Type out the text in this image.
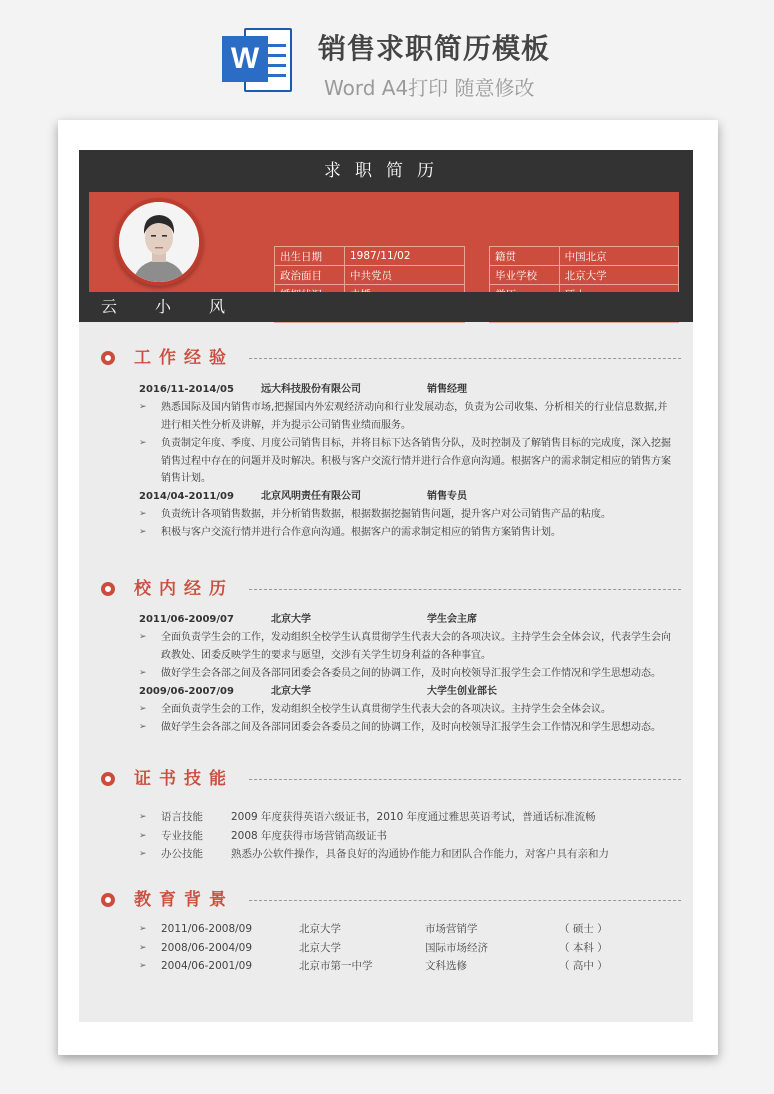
W	销售求职简历模板
Word A4打印 随意修改
求职简历
出生日期	1987/11/02
政治面目	中共党员

籍贯	中国北京
毕业学校	北京大学

云小风
工作经验
2016/11-2014/05	远大科技股份有限公司	销售经理
➢ 熟悉国际及国内销售市场,把握国内外宏观经济动向和行业发展动态，负责为公司收集、分析相关的行业信息数据,并进行相关性分析及讲解，并为提示公司销售业绩而服务。
➢ 负责制定年度、季度、月度公司销售目标，并将目标下达各销售分队，及时控制及了解销售目标的完成度，深入挖掘销售过程中存在的问题并及时解决。积极与客户交流行情并进行合作意向沟通。根据客户的需求制定相应的销售方案销售计划。
2014/04-2011/09	北京风明责任有限公司	销售专员
➢ 负责统计各项销售数据，并分析销售数据，根据数据挖掘销售问题，提升客户对公司销售产品的粘度。
➢ 积极与客户交流行情并进行合作意向沟通。根据客户的需求制定相应的销售方案销售计划。
校内经历
2011/06-2009/07	北京大学	学生会主席
➢ 全面负责学生会的工作，发动组织全校学生认真贯彻学生代表大会的各项决议。主持学生会全体会议，代表学生会向政教处、团委反映学生的要求与愿望，交涉有关学生切身利益的各种事宜。
➢ 做好学生会各部之间及各部同团委会各委员之间的协调工作，及时向校领导汇报学生会工作情况和学生思想动态。
2009/06-2007/09	北京大学	大学生创业部长
➢ 全面负责学生会的工作，发动组织全校学生认真贯彻学生代表大会的各项决议。主持学生会全体会议。
➢ 做好学生会各部之间及各部同团委会各委员之间的协调工作，及时向校领导汇报学生会工作情况和学生思想动态。
证书技能
➢ 语言技能	2009 年度获得英语六级证书，2010 年度通过雅思英语考试，普通话标准流畅
➢ 专业技能	2008 年度获得市场营销高级证书
➢ 办公技能	熟悉办公软件操作，具备良好的沟通协作能力和团队合作能力，对客户具有亲和力
教育背景
➢ 2011/06-2008/09	北京大学	市场营销学	（ 硕士 ）
➢ 2008/06-2004/09	北京大学	国际市场经济	（ 本科 ）
➢ 2004/06-2001/09	北京市第一中学	文科选修	（ 高中 ）
